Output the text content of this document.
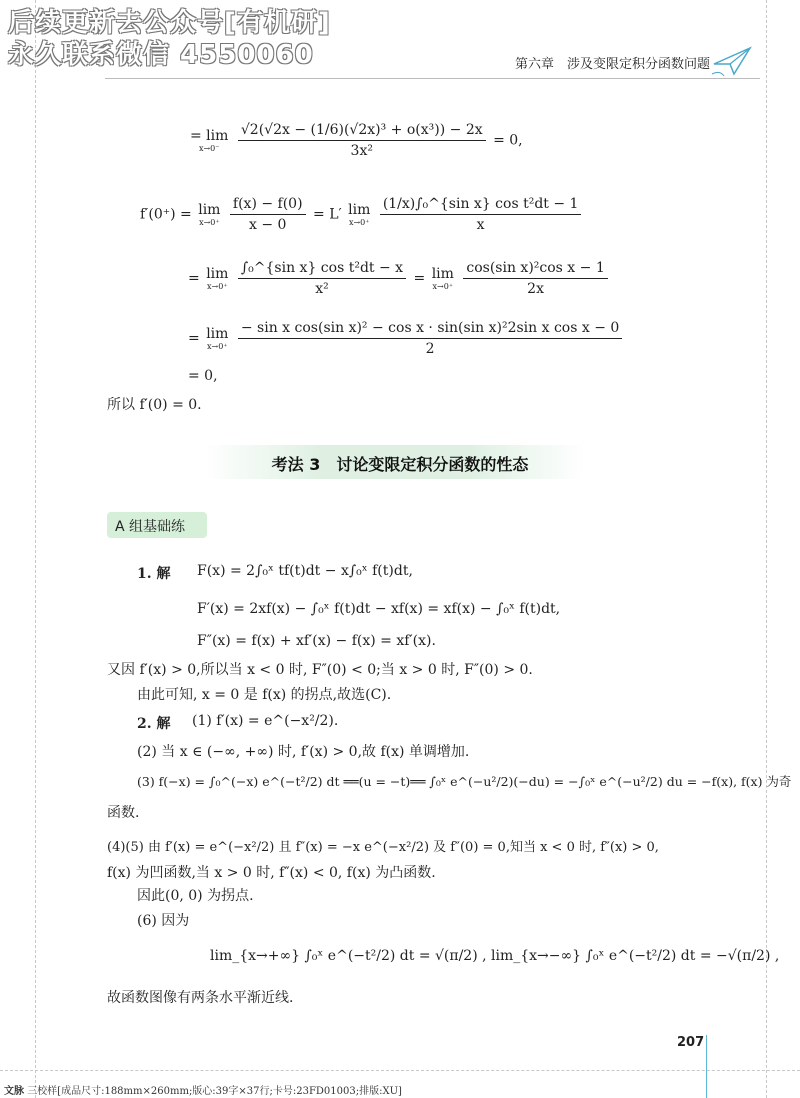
后续更新去公众号[有机研]
永久联系微信 4550060	第六章　涉及变限定积分函数问题
= lim
x→0⁻
$\frac{\text{√2(√2x − (1/6)(√2x)³ + o(x³)) − 2x}}{\text{3x²}} = 0$,
f′(0⁺) = lim
x→0⁺
$\frac{f(x) - f(0)}{x - 0} = L'$ lim
x→0⁺
$\frac{\text{(1/x)∫₀\textasciicircum{}\{sin x\} cos t²dt − 1}}{x}$
= lim
x→0⁺
$\frac{\text{∫₀\textasciicircum{}\{sin x\} cos t²dt − x}}{\text{x²}} = \lim$
x→0⁺
$\frac{\text{cos(sin x)²cos x − 1}}{2x}$
= lim
x→0⁺
$\frac{\text{− sin x cos(sin x)² − cos x · sin(sin x)²2sin x cos x − 0}}{2}$
= 0,
所以 f′(0) = 0.
考法 3　讨论变限定积分函数的性态
A 组基础练
1. 解 F(x) = 2∫₀ˣ tf(t)dt − x∫₀ˣ f(t)dt,
F′(x) = 2xf(x) − ∫₀ˣ f(t)dt − xf(x) = xf(x) − ∫₀ˣ f(t)dt,
F″(x) = f(x) + xf′(x) − f(x) = xf′(x).
又因 f′(x) > 0,所以当 x < 0 时, F″(0) < 0;当 x > 0 时, F″(0) > 0.
由此可知, x = 0 是 f(x) 的拐点,故选(C).
2. 解 (1) f′(x) = e^(−x²/2).
(2) 当 x ∈ (−∞, +∞) 时, f′(x) > 0,故 f(x) 单调增加.
(3) f(−x) = ∫₀^(−x) e^(−t²/2) dt ══(u = −t)══ ∫₀ˣ e^(−u²/2)(−du) = −∫₀ˣ e^(−u²/2) du = −f(x), f(x) 为奇
函数.
(4)(5) 由 f′(x) = e^(−x²/2) 且 f″(x) = −x e^(−x²/2) 及 f″(0) = 0,知当 x < 0 时, f″(x) > 0,
f(x) 为凹函数,当 x > 0 时, f″(x) < 0, f(x) 为凸函数.
因此(0, 0) 为拐点.
(6) 因为
lim_{x→+∞} ∫₀ˣ e^(−t²/2) dt = √(π/2) , lim_{x→−∞} ∫₀ˣ e^(−t²/2) dt = −√(π/2) ,
故函数图像有两条水平渐近线.
207
文脉 三校样[成品尺寸:188mm×260mm;版心:39字×37行;卡号:23FD01003;排版:XU]
